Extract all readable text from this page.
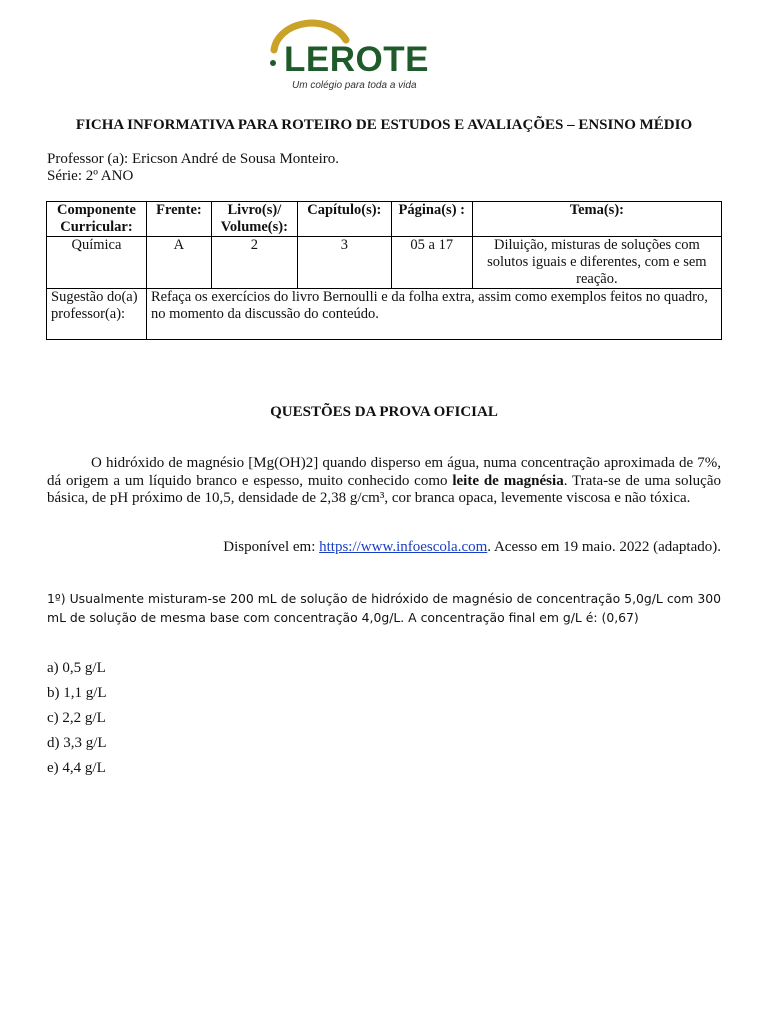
LEROTE
Um colégio para toda a vida
FICHA INFORMATIVA PARA ROTEIRO DE ESTUDOS E AVALIAÇÕES – ENSINO MÉDIO
Professor (a): Ericson André de Sousa Monteiro.
Série: 2º ANO
Componente Curricular:	Frente:	Livro(s)/ Volume(s):	Capítulo(s):	Página(s) :	Tema(s):
Química	A	2	3	05 a 17	Diluição, misturas de soluções com solutos iguais e diferentes, com e sem reação.
Sugestão do(a) professor(a):	Refaça os exercícios do livro Bernoulli e da folha extra, assim como exemplos feitos no quadro, no momento da discussão do conteúdo.				
QUESTÕES DA PROVA OFICIAL
O hidróxido de magnésio [Mg(OH)2] quando disperso em água, numa concentração aproximada de 7%, dá origem a um líquido branco e espesso, muito conhecido como leite de magnésia. Trata-se de uma solução básica, de pH próximo de 10,5, densidade de 2,38 g/cm³, cor branca opaca, levemente viscosa e não tóxica.
Disponível em: https://www.infoescola.com. Acesso em 19 maio. 2022 (adaptado).
1º) Usualmente misturam-se 200 mL de solução de hidróxido de magnésio de concentração 5,0g/L com 300 mL de solução de mesma base com concentração 4,0g/L. A concentração final em g/L é: (0,67)
a) 0,5 g/L
b) 1,1 g/L
c) 2,2 g/L
d) 3,3 g/L
e) 4,4 g/L
